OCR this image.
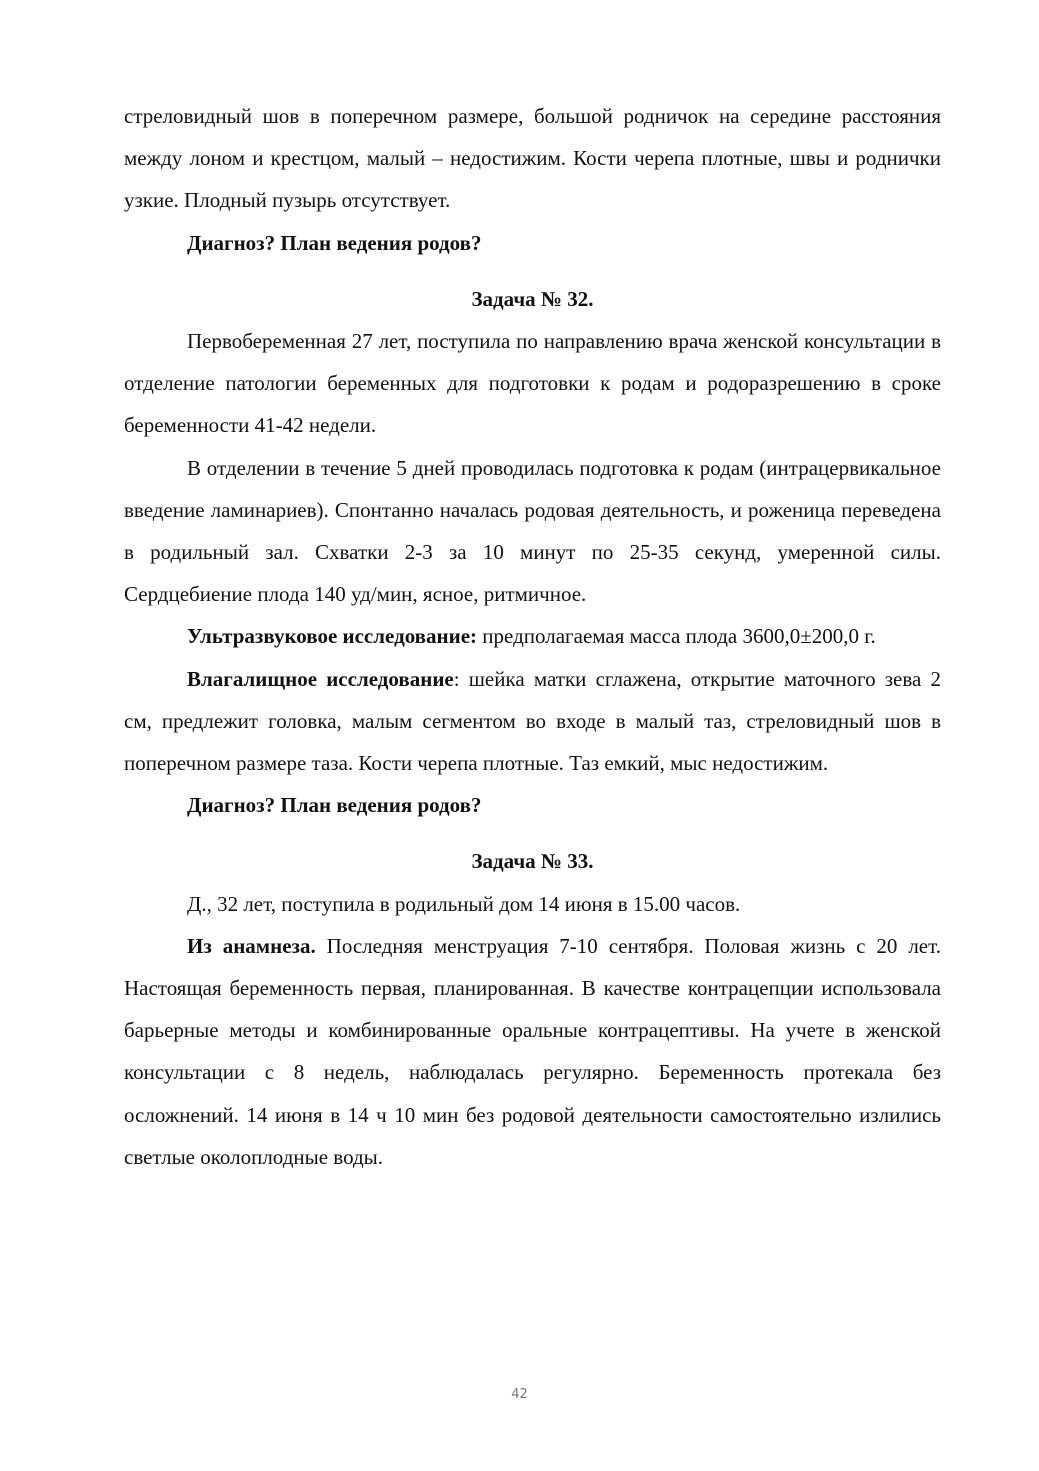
стреловидный шов в поперечном размере, большой родничок на середине расстояния между лоном и крестцом, малый – недостижим. Кости черепа плотные, швы и роднички узкие. Плодный пузырь отсутствует.

Диагноз? План ведения родов?

Задача № 32.

Первобеременная 27 лет, поступила по направлению врача женской консультации в отделение патологии беременных для подготовки к родам и родоразрешению в сроке беременности 41-42 недели.

В отделении в течение 5 дней проводилась подготовка к родам (интрацервикальное введение ламинариев). Спонтанно началась родовая деятельность, и роженица переведена в родильный зал. Схватки 2-3 за 10 минут по 25-35 секунд, умеренной силы. Сердцебиение плода 140 уд/мин, ясное, ритмичное.

Ультразвуковое исследование: предполагаемая масса плода 3600,0±200,0 г.

Влагалищное исследование: шейка матки сглажена, открытие маточного зева 2 см, предлежит головка, малым сегментом во входе в малый таз, стреловидный шов в поперечном размере таза. Кости черепа плотные. Таз емкий, мыс недостижим.

Диагноз? План ведения родов?

Задача № 33.

Д., 32 лет, поступила в родильный дом 14 июня в 15.00 часов.

Из анамнеза. Последняя менструация 7-10 сентября. Половая жизнь с 20 лет. Настоящая беременность первая, планированная. В качестве контрацепции использовала барьерные методы и комбинированные оральные контрацептивы. На учете в женской консультации с 8 недель, наблюдалась регулярно. Беременность протекала без осложнений. 14 июня в 14 ч 10 мин без родовой деятельности самостоятельно излились светлые околоплодные воды.

42
